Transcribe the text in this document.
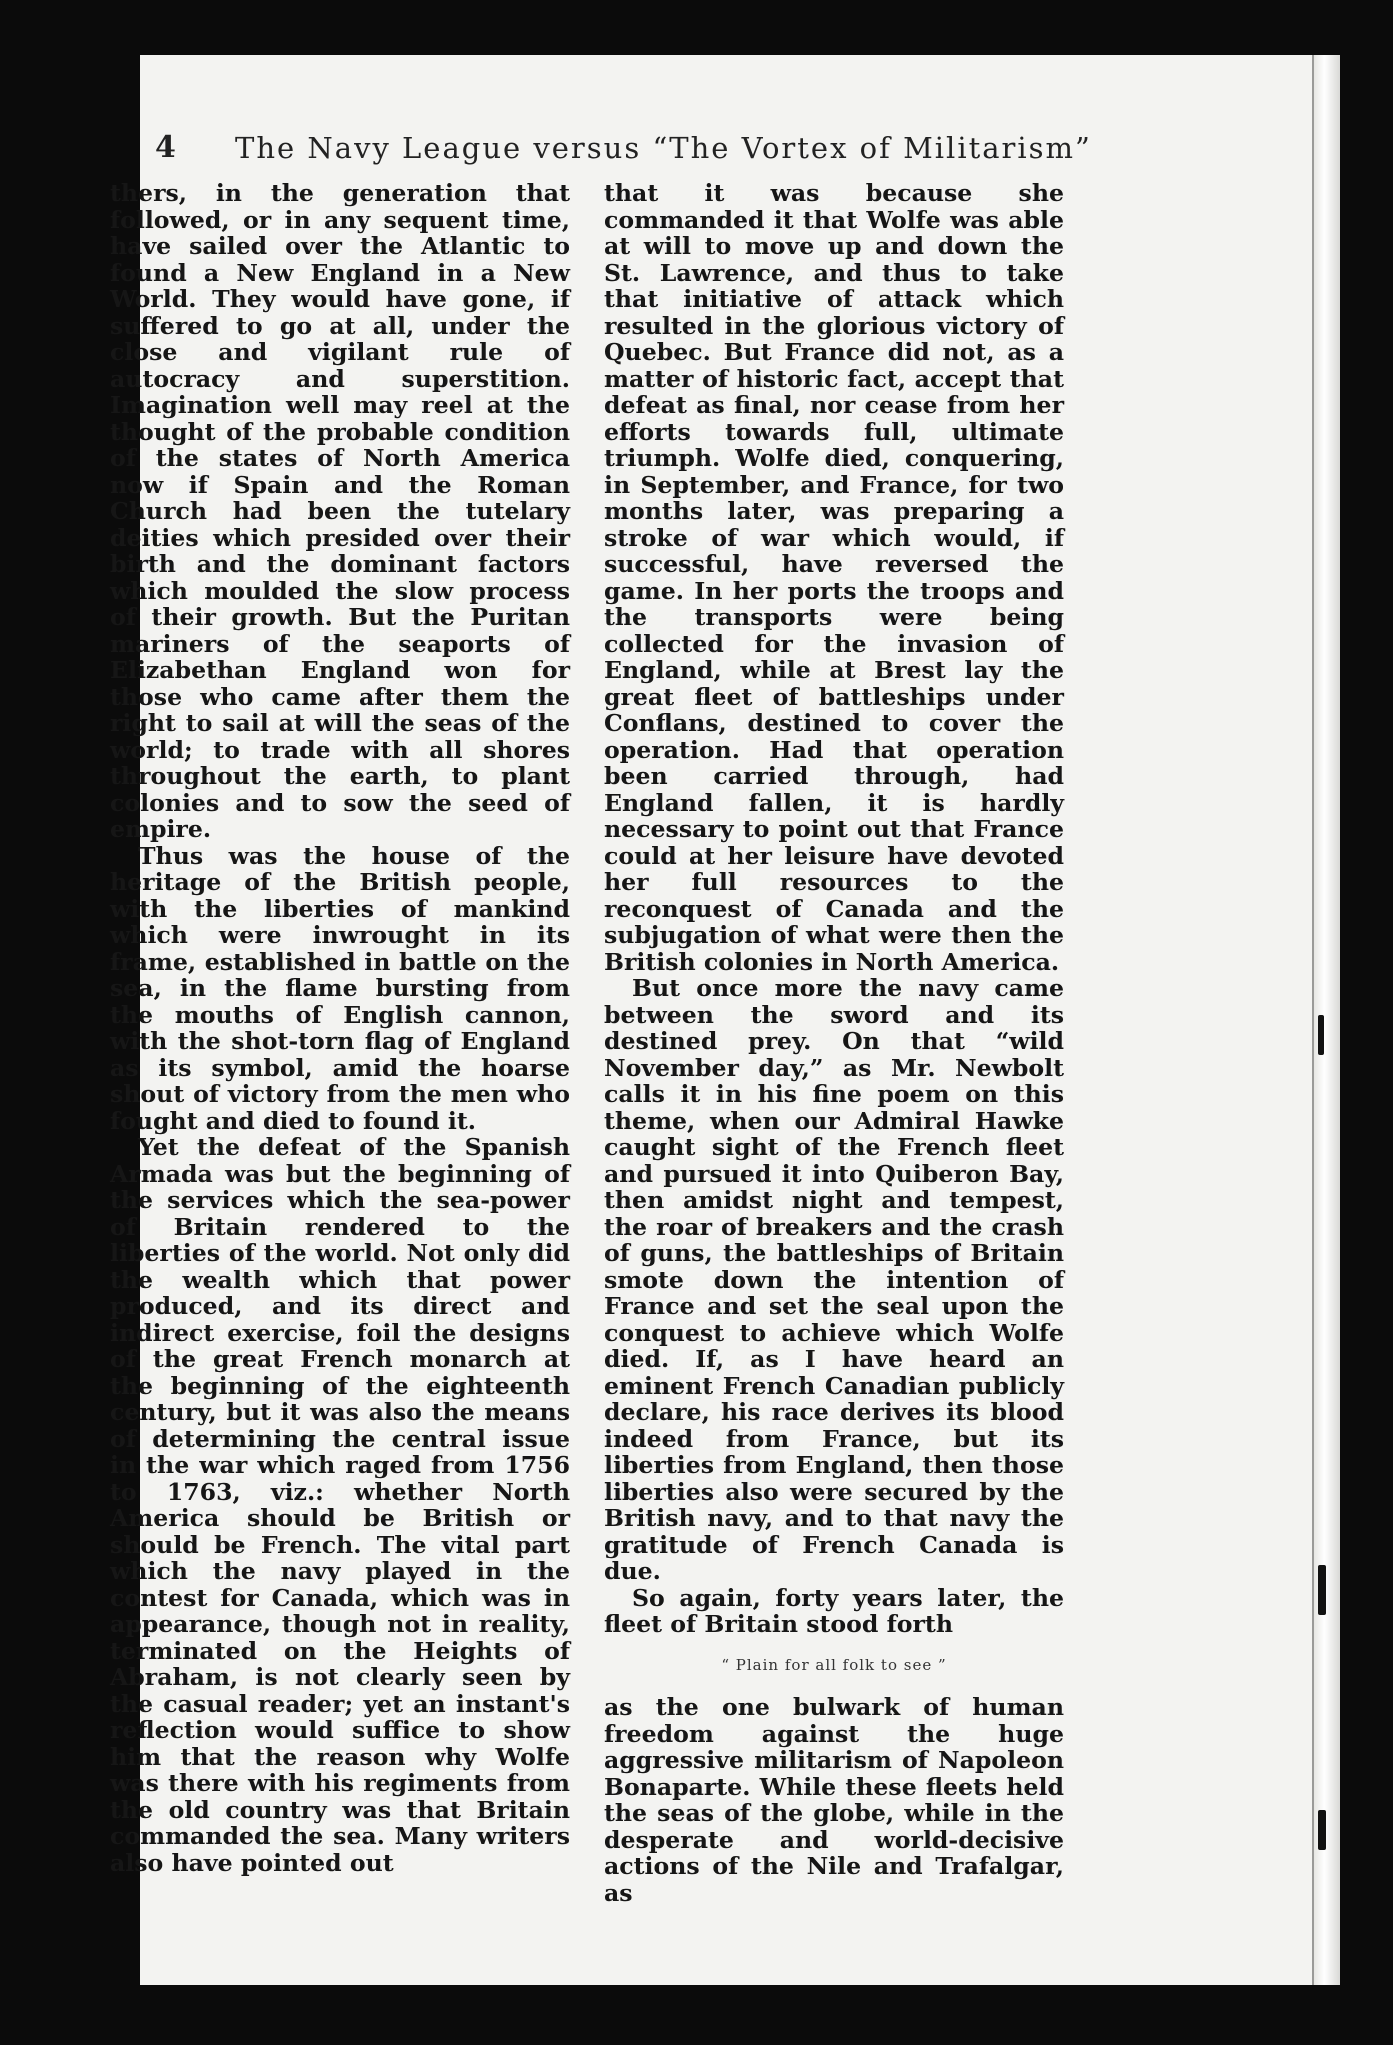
4 The Navy League versus “The Vortex of Militarism”

thers, in the generation that followed, or in any sequent time, have sailed over the Atlantic to found a New England in a New World. They would have gone, if suffered to go at all, under the close and vigilant rule of autocracy and superstition. Imagination well may reel at the thought of the probable condition of the states of North America now if Spain and the Roman Church had been the tutelary deities which presided over their birth and the dominant factors which moulded the slow process of their growth. But the Puritan mariners of the seaports of Elizabethan England won for those who came after them the right to sail at will the seas of the world; to trade with all shores throughout the earth, to plant colonies and to sow the seed of empire.

Thus was the house of the heritage of the British people, with the liberties of mankind which were inwrought in its frame, established in battle on the sea, in the flame bursting from the mouths of English cannon, with the shot-torn flag of England as its symbol, amid the hoarse shout of victory from the men who fought and died to found it.

Yet the defeat of the Spanish Armada was but the beginning of the services which the sea-power of Britain rendered to the liberties of the world. Not only did the wealth which that power produced, and its direct and indirect exercise, foil the designs of the great French monarch at the beginning of the eighteenth century, but it was also the means of determining the central issue in the war which raged from 1756 to 1763, viz.: whether North America should be British or should be French. The vital part which the navy played in the contest for Canada, which was in appearance, though not in reality, terminated on the Heights of Abraham, is not clearly seen by the casual reader; yet an instant's reflection would suffice to show him that the reason why Wolfe was there with his regiments from the old country was that Britain commanded the sea. Many writers also have pointed out

that it was because she commanded it that Wolfe was able at will to move up and down the St. Lawrence, and thus to take that initiative of attack which resulted in the glorious victory of Quebec. But France did not, as a matter of historic fact, accept that defeat as final, nor cease from her efforts towards full, ultimate triumph. Wolfe died, conquering, in September, and France, for two months later, was preparing a stroke of war which would, if successful, have reversed the game. In her ports the troops and the transports were being collected for the invasion of England, while at Brest lay the great fleet of battleships under Conflans, destined to cover the operation. Had that operation been carried through, had England fallen, it is hardly necessary to point out that France could at her leisure have devoted her full resources to the reconquest of Canada and the subjugation of what were then the British colonies in North America.

But once more the navy came between the sword and its destined prey. On that “wild November day,” as Mr. Newbolt calls it in his fine poem on this theme, when our Admiral Hawke caught sight of the French fleet and pursued it into Quiberon Bay, then amidst night and tempest, the roar of breakers and the crash of guns, the battleships of Britain smote down the intention of France and set the seal upon the conquest to achieve which Wolfe died. If, as I have heard an eminent French Canadian publicly declare, his race derives its blood indeed from France, but its liberties from England, then those liberties also were secured by the British navy, and to that navy the gratitude of French Canada is due.

So again, forty years later, the fleet of Britain stood forth

“ Plain for all folk to see ”

as the one bulwark of human freedom against the huge aggressive militarism of Napoleon Bonaparte. While these fleets held the seas of the globe, while in the desperate and world-decisive actions of the Nile and Trafalgar, as
